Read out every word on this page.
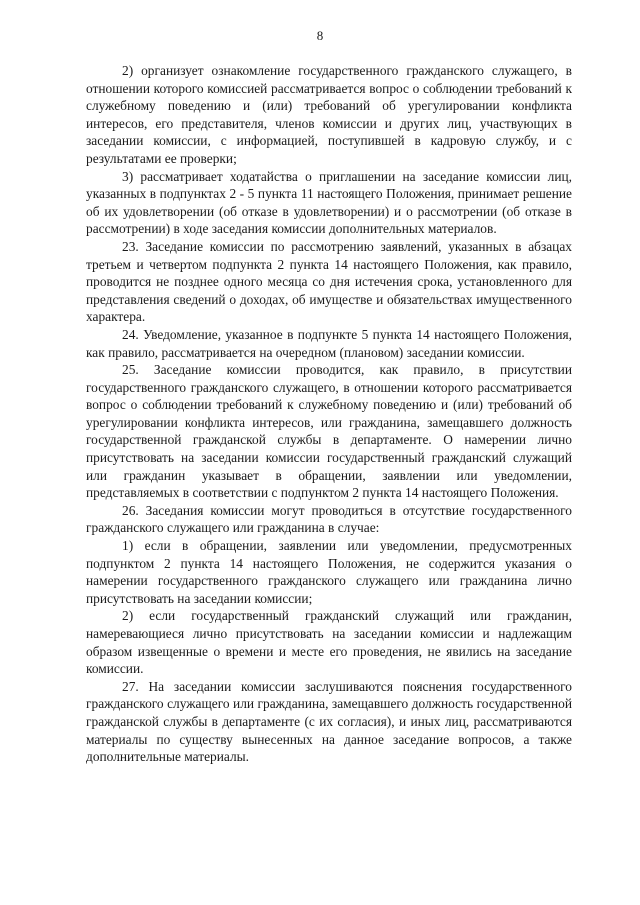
8

2) организует ознакомление государственного гражданского служащего, в отношении которого комиссией рассматривается вопрос о соблюдении требований к служебному поведению и (или) требований об урегулировании конфликта интересов, его представителя, членов комиссии и других лиц, участвующих в заседании комиссии, с информацией, поступившей в кадровую службу, и с результатами ее проверки;

3) рассматривает ходатайства о приглашении на заседание комиссии лиц, указанных в подпунктах 2 - 5 пункта 11 настоящего Положения, принимает решение об их удовлетворении (об отказе в удовлетворении) и о рассмотрении (об отказе в рассмотрении) в ходе заседания комиссии дополнительных материалов.

23. Заседание комиссии по рассмотрению заявлений, указанных в абзацах третьем и четвертом подпункта 2 пункта 14 настоящего Положения, как правило, проводится не позднее одного месяца со дня истечения срока, установленного для представления сведений о доходах, об имуществе и обязательствах имущественного характера.

24. Уведомление, указанное в подпункте 5 пункта 14 настоящего Положения, как правило, рассматривается на очередном (плановом) заседании комиссии.

25. Заседание комиссии проводится, как правило, в присутствии государственного гражданского служащего, в отношении которого рассматривается вопрос о соблюдении требований к служебному поведению и (или) требований об урегулировании конфликта интересов, или гражданина, замещавшего должность государственной гражданской службы в департаменте. О намерении лично присутствовать на заседании комиссии государственный гражданский служащий или гражданин указывает в обращении, заявлении или уведомлении, представляемых в соответствии с подпунктом 2 пункта 14 настоящего Положения.

26. Заседания комиссии могут проводиться в отсутствие государственного гражданского служащего или гражданина в случае:

1) если в обращении, заявлении или уведомлении, предусмотренных подпунктом 2 пункта 14 настоящего Положения, не содержится указания о намерении государственного гражданского служащего или гражданина лично присутствовать на заседании комиссии;

2) если государственный гражданский служащий или гражданин, намеревающиеся лично присутствовать на заседании комиссии и надлежащим образом извещенные о времени и месте его проведения, не явились на заседание комиссии.

27. На заседании комиссии заслушиваются пояснения государственного гражданского служащего или гражданина, замещавшего должность государственной гражданской службы в департаменте (с их согласия), и иных лиц, рассматриваются материалы по существу вынесенных на данное заседание вопросов, а также дополнительные материалы.
